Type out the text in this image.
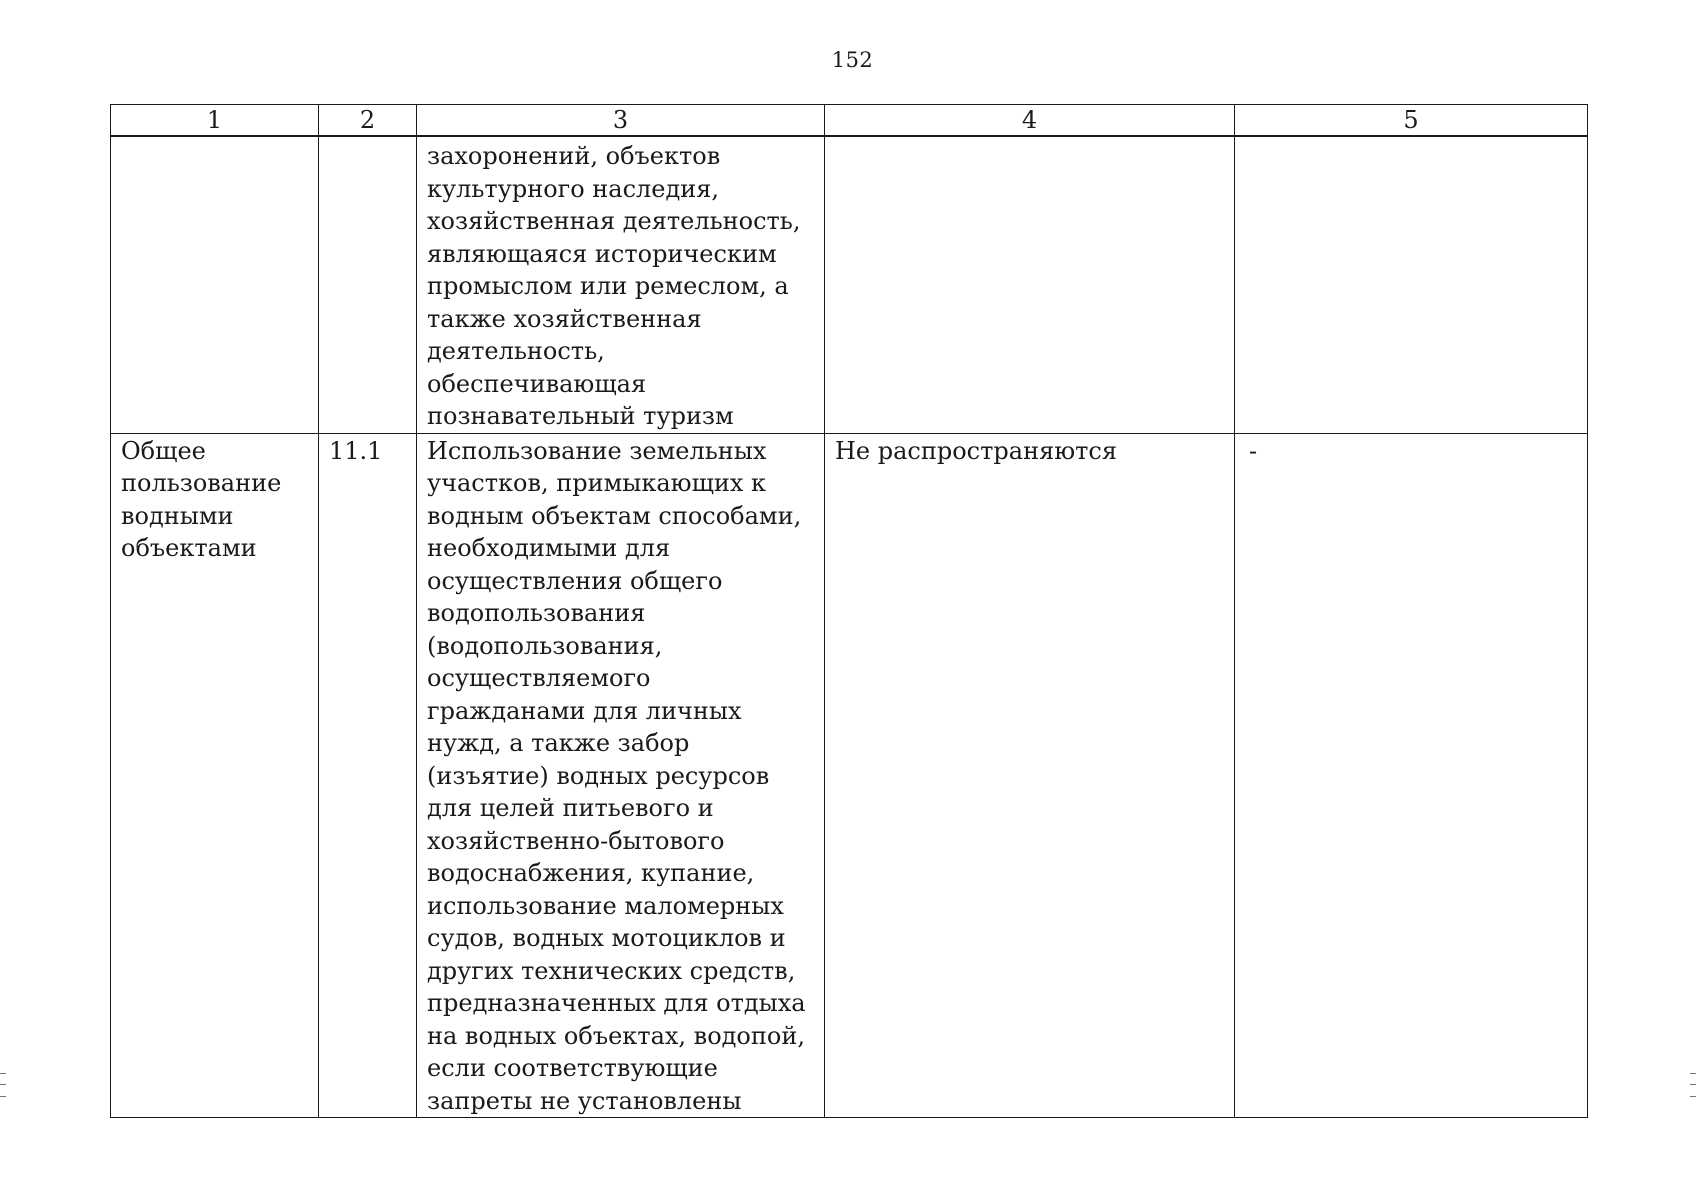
152
1	2	3	4	5

		захоронений, объектов культурного наследия, хозяйственная деятельность, являющаяся историческим промыслом или ремеслом, а также хозяйственная деятельность, обеспечивающая познавательный туризм		

Общее пользование водными объектами	11.1	Использование земельных участков, примыкающих к водным объектам способами, необходимыми для осуществления общего водопользования (водопользования, осуществляемого гражданами для личных нужд, а также забор (изъятие) водных ресурсов для целей питьевого и хозяйственно-бытового водоснабжения, купание, использование маломерных судов, водных мотоциклов и других технических средств, предназначенных для отдыха на водных объектах, водопой, если соответствующие запреты не установлены	Не распространяются	-
